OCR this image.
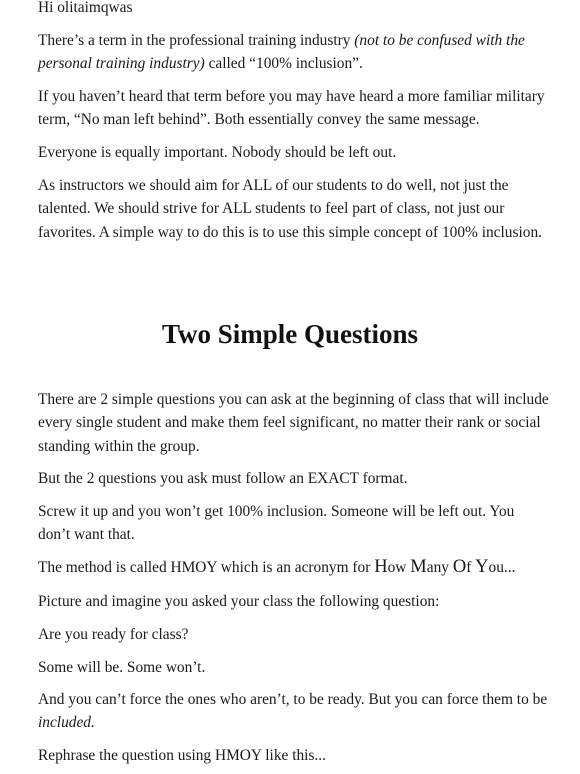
Hi olitaimqwas

There’s a term in the professional training industry (not to be confused with the personal training industry) called “100% inclusion”.

If you haven’t heard that term before you may have heard a more familiar military term, “No man left behind”. Both essentially convey the same message.

Everyone is equally important. Nobody should be left out.

As instructors we should aim for ALL of our students to do well, not just the talented. We should strive for ALL students to feel part of class, not just our favorites. A simple way to do this is to use this simple concept of 100% inclusion.

Two Simple Questions

There are 2 simple questions you can ask at the beginning of class that will include every single student and make them feel significant, no matter their rank or social standing within the group.

But the 2 questions you ask must follow an EXACT format.

Screw it up and you won’t get 100% inclusion. Someone will be left out. You don’t want that.

The method is called HMOY which is an acronym for How Many Of You...

Picture and imagine you asked your class the following question:

Are you ready for class?

Some will be. Some won’t.

And you can’t force the ones who aren’t, to be ready. But you can force them to be included.

Rephrase the question using HMOY like this...
